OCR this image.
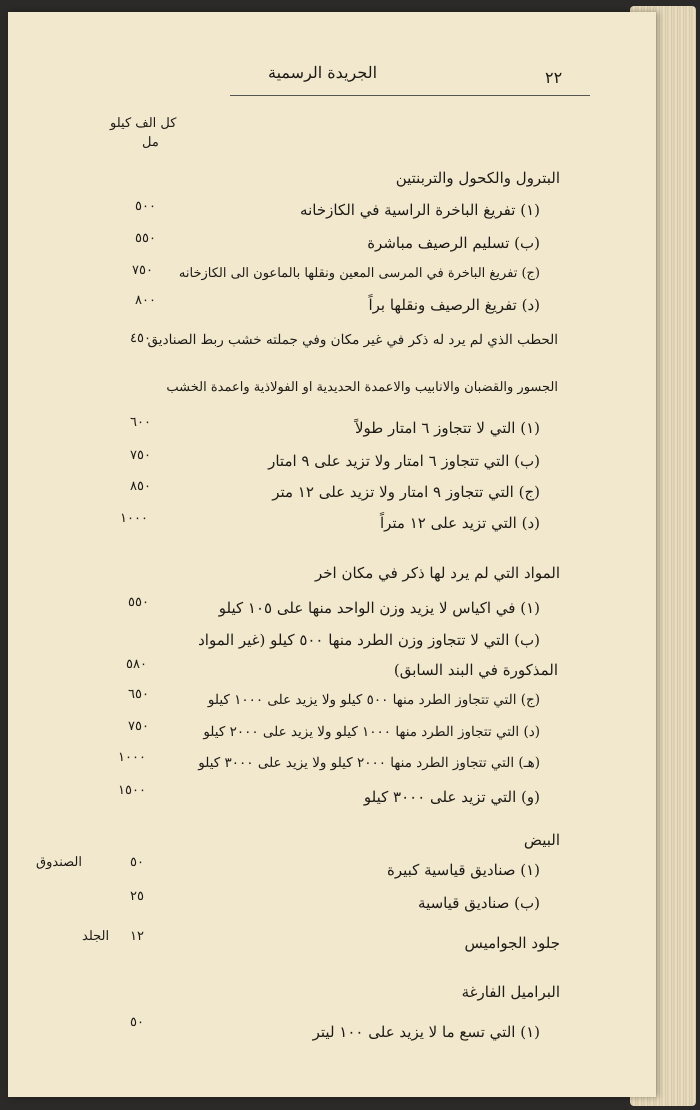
٢٢
الجريدة الرسمية
كل الف كيلو
مل
البترول والكحول والتربنتين
(١) تفريغ الباخرة الراسية في الكازخانه
٥٠٠
(ب) تسليم الرصيف مباشرة
٥٥٠
(ج) تفريغ الباخرة في المرسى المعين ونقلها بالماعون الى الكازخانه
٧٥٠
(د) تفريغ الرصيف ونقلها براً
٨٠٠
الحطب الذي لم يرد له ذكر في غير مكان وفي جملته خشب ربط الصناديق
٤٥٠
الجسور والقضبان والانابيب والاعمدة الحديدية او الفولاذية واعمدة الخشب
(١) التي لا تتجاوز ٦ امتار طولاً
٦٠٠
(ب) التي تتجاوز ٦ امتار ولا تزيد على ٩ امتار
٧٥٠
(ج) التي تتجاوز ٩ امتار ولا تزيد على ١٢ متر
٨٥٠
(د) التي تزيد على ١٢ متراً
١٠٠٠
المواد التي لم يرد لها ذكر في مكان اخر
(١) في اكياس لا يزيد وزن الواحد منها على ١٠٥ كيلو
٥٥٠
(ب) التي لا تتجاوز وزن الطرد منها ٥٠٠ كيلو (غير المواد
المذكورة في البند السابق)
٥٨٠
(ج) التي تتجاوز الطرد منها ٥٠٠ كيلو ولا يزيد على ١٠٠٠ كيلو
٦٥٠
(د) التي تتجاوز الطرد منها ١٠٠٠ كيلو ولا يزيد على ٢٠٠٠ كيلو
٧٥٠
(هـ) التي تتجاوز الطرد منها ٢٠٠٠ كيلو ولا يزيد على ٣٠٠٠ كيلو
١٠٠٠
(و) التي تزيد على ٣٠٠٠ كيلو
١٥٠٠
البيض
(١) صناديق قياسية كبيرة
٥٠
الصندوق
(ب) صناديق قياسية
٢٥
جلود الجواميس
١٢
الجلد
البراميل الفارغة
(١) التي تسع ما لا يزيد على ١٠٠ ليتر
٥٠
